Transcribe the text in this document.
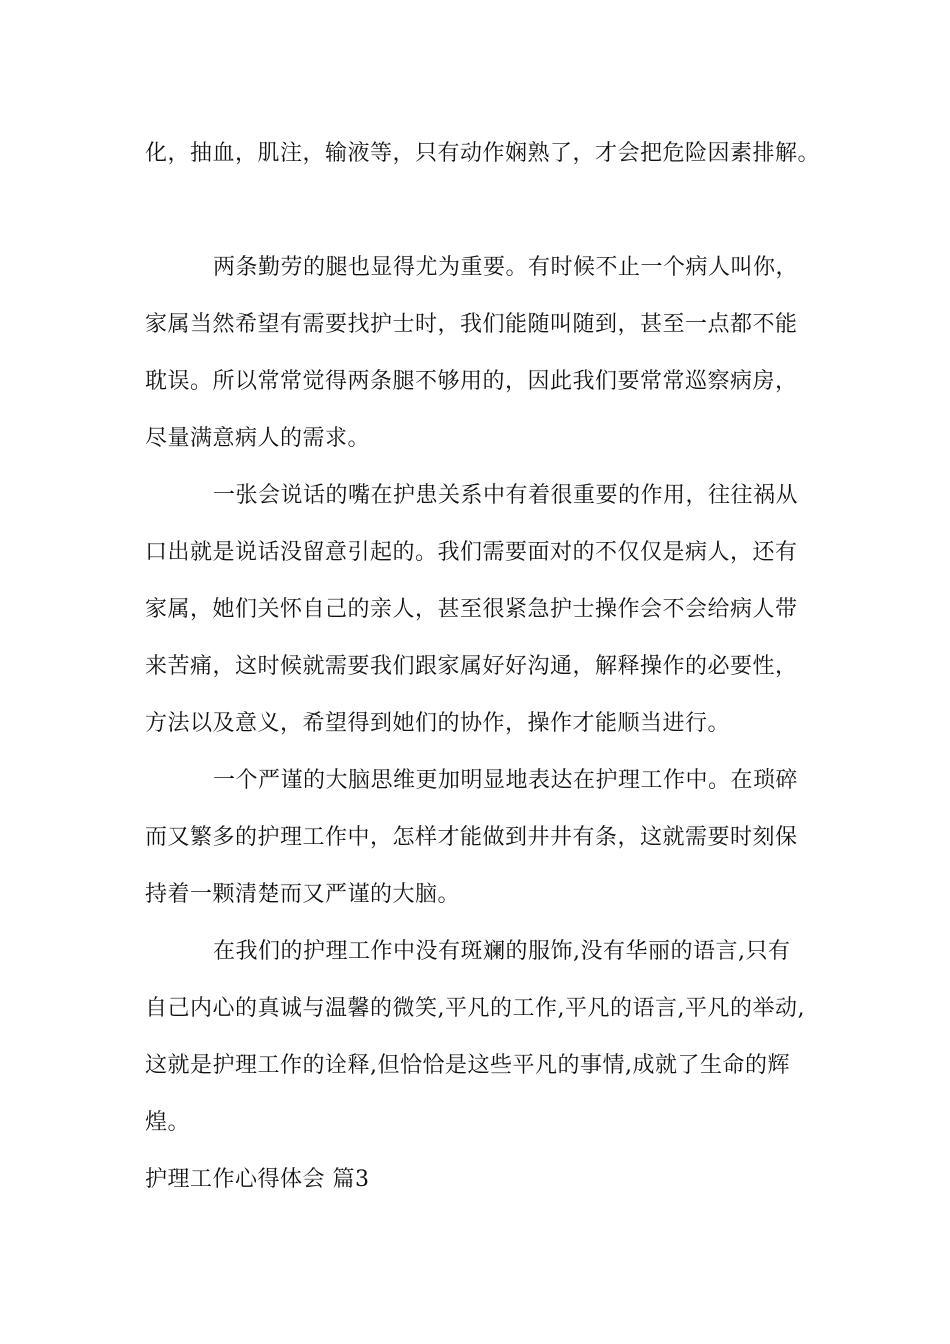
化，抽血，肌注，输液等，只有动作娴熟了，才会把危险因素排解。
两条勤劳的腿也显得尤为重要。有时候不止一个病人叫你，
家属当然希望有需要找护士时，我们能随叫随到，甚至一点都不能
耽误。所以常常觉得两条腿不够用的，因此我们要常常巡察病房，
尽量满意病人的需求。
一张会说话的嘴在护患关系中有着很重要的作用，往往祸从
口出就是说话没留意引起的。我们需要面对的不仅仅是病人，还有
家属，她们关怀自己的亲人，甚至很紧急护士操作会不会给病人带
来苦痛，这时候就需要我们跟家属好好沟通，解释操作的必要性，
方法以及意义，希望得到她们的协作，操作才能顺当进行。
一个严谨的大脑思维更加明显地表达在护理工作中。在琐碎
而又繁多的护理工作中，怎样才能做到井井有条，这就需要时刻保
持着一颗清楚而又严谨的大脑。
在我们的护理工作中没有斑斓的服饰,没有华丽的语言,只有
自己内心的真诚与温馨的微笑,平凡的工作,平凡的语言,平凡的举动,
这就是护理工作的诠释,但恰恰是这些平凡的事情,成就了生命的辉
煌。
护理工作心得体会 篇3
